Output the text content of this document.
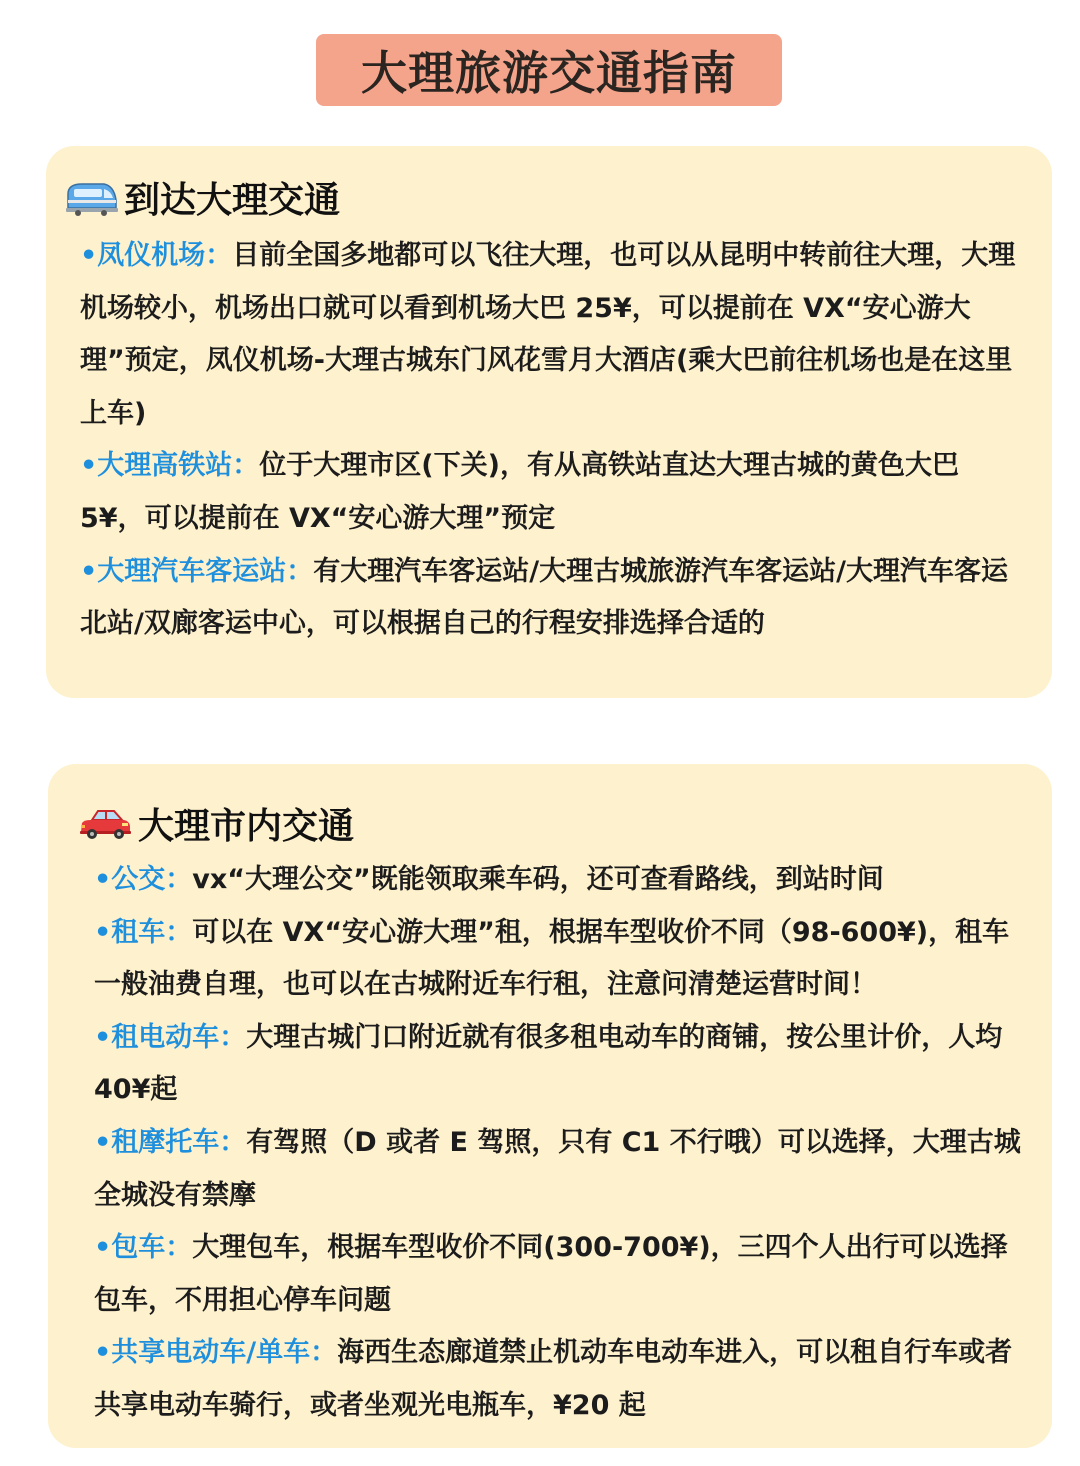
大理旅游交通指南
到达大理交通

•凤仪机场：目前全国多地都可以飞往大理，也可以从昆明中转前往大理，大理机场较小，机场出口就可以看到机场大巴 25¥，可以提前在 VX“安心游大理”预定，凤仪机场-大理古城东门风花雪月大酒店(乘大巴前往机场也是在这里上车)

•大理高铁站：位于大理市区(下关)，有从高铁站直达大理古城的黄色大巴 5¥，可以提前在 VX“安心游大理”预定

•大理汽车客运站：有大理汽车客运站/大理古城旅游汽车客运站/大理汽车客运北站/双廊客运中心，可以根据自己的行程安排选择合适的

大理市内交通

•公交：vx“大理公交”既能领取乘车码，还可查看路线，到站时间

•租车：可以在 VX“安心游大理”租，根据车型收价不同（98-600¥)，租车一般油费自理，也可以在古城附近车行租，注意问清楚运营时间！

•租电动车：大理古城门口附近就有很多租电动车的商铺，按公里计价，人均 40¥起

•租摩托车：有驾照（D 或者 E 驾照，只有 C1 不行哦）可以选择，大理古城全城没有禁摩

•包车：大理包车，根据车型收价不同(300-700¥)，三四个人出行可以选择包车，不用担心停车问题

•共享电动车/单车：海西生态廊道禁止机动车电动车进入，可以租自行车或者共享电动车骑行，或者坐观光电瓶车，¥20 起
